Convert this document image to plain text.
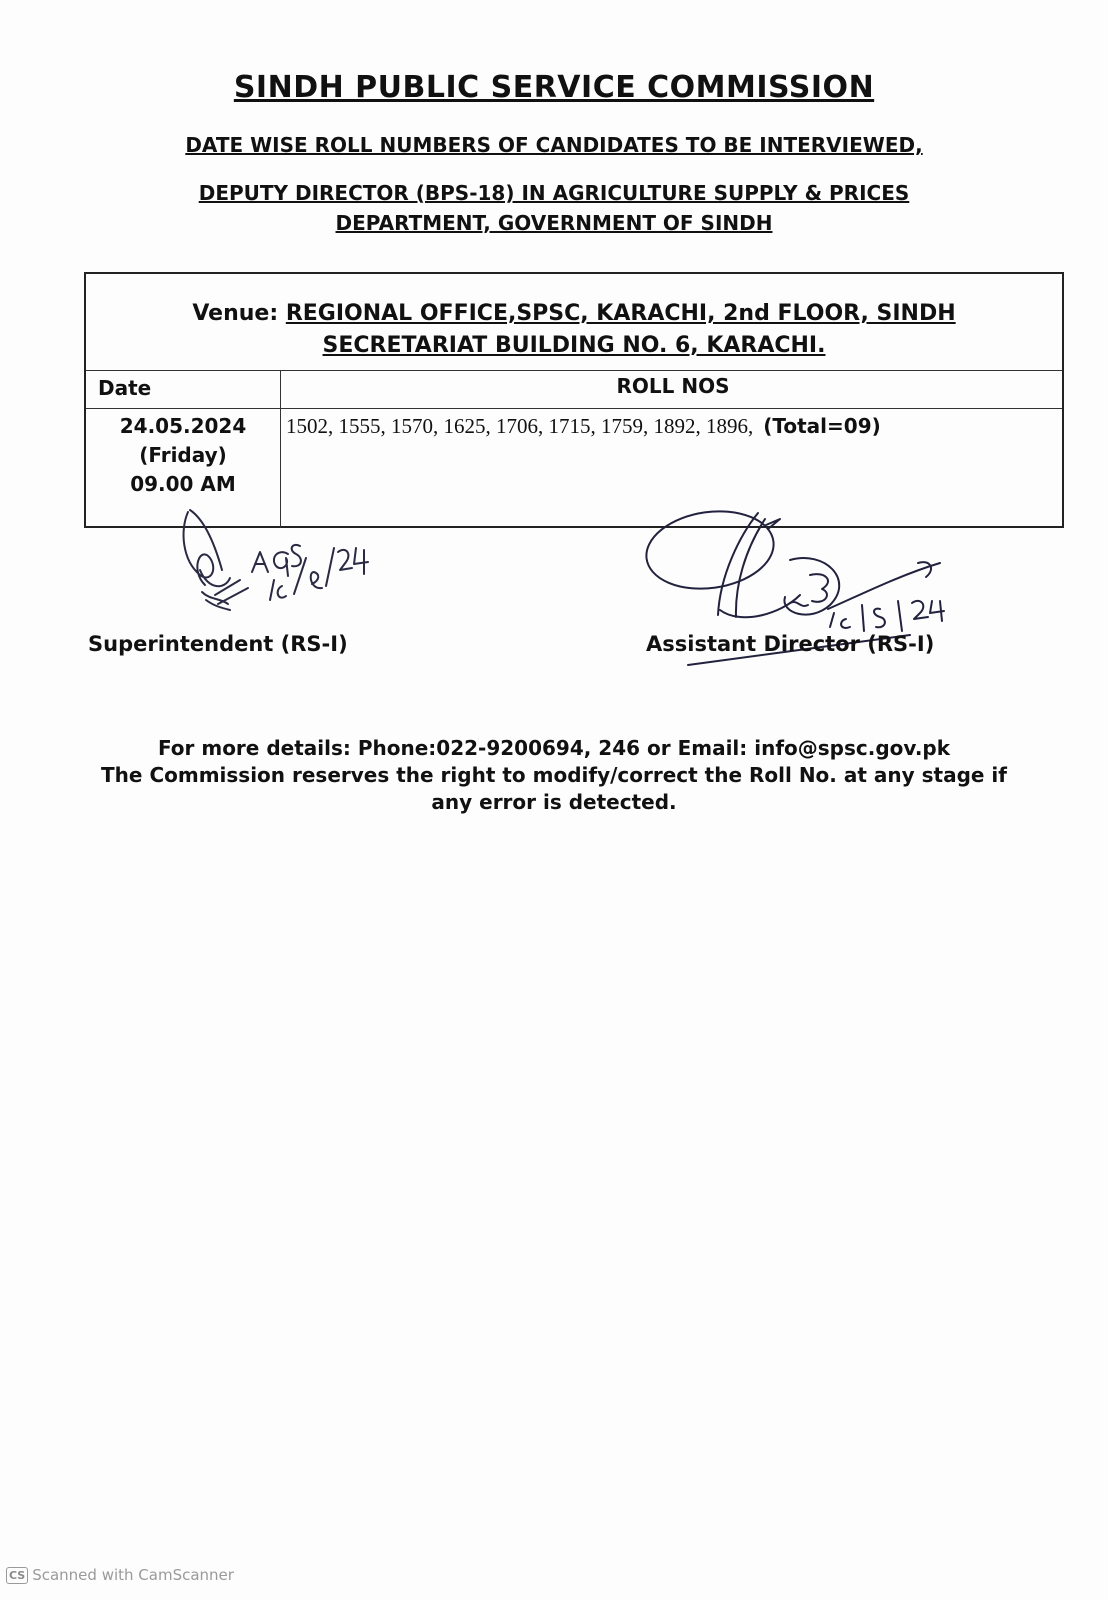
SINDH PUBLIC SERVICE COMMISSION
DATE WISE ROLL NUMBERS OF CANDIDATES TO BE INTERVIEWED,
DEPUTY DIRECTOR (BPS-18) IN AGRICULTURE SUPPLY & PRICES
DEPARTMENT, GOVERNMENT OF SINDH
Venue: REGIONAL OFFICE,SPSC, KARACHI, 2nd FLOOR, SINDH
SECRETARIAT BUILDING NO. 6, KARACHI.
Date	ROLL NOS
24.05.2024
(Friday)
09.00 AM
1502, 1555, 1570, 1625, 1706, 1715, 1759, 1892, 1896, (Total=09)
Superintendent (RS-I)	Assistant Director (RS-I)
For more details: Phone:022-9200694, 246 or Email: info@spsc.gov.pk
The Commission reserves the right to modify/correct the Roll No. at any stage if any error is detected.
CS Scanned with CamScanner
